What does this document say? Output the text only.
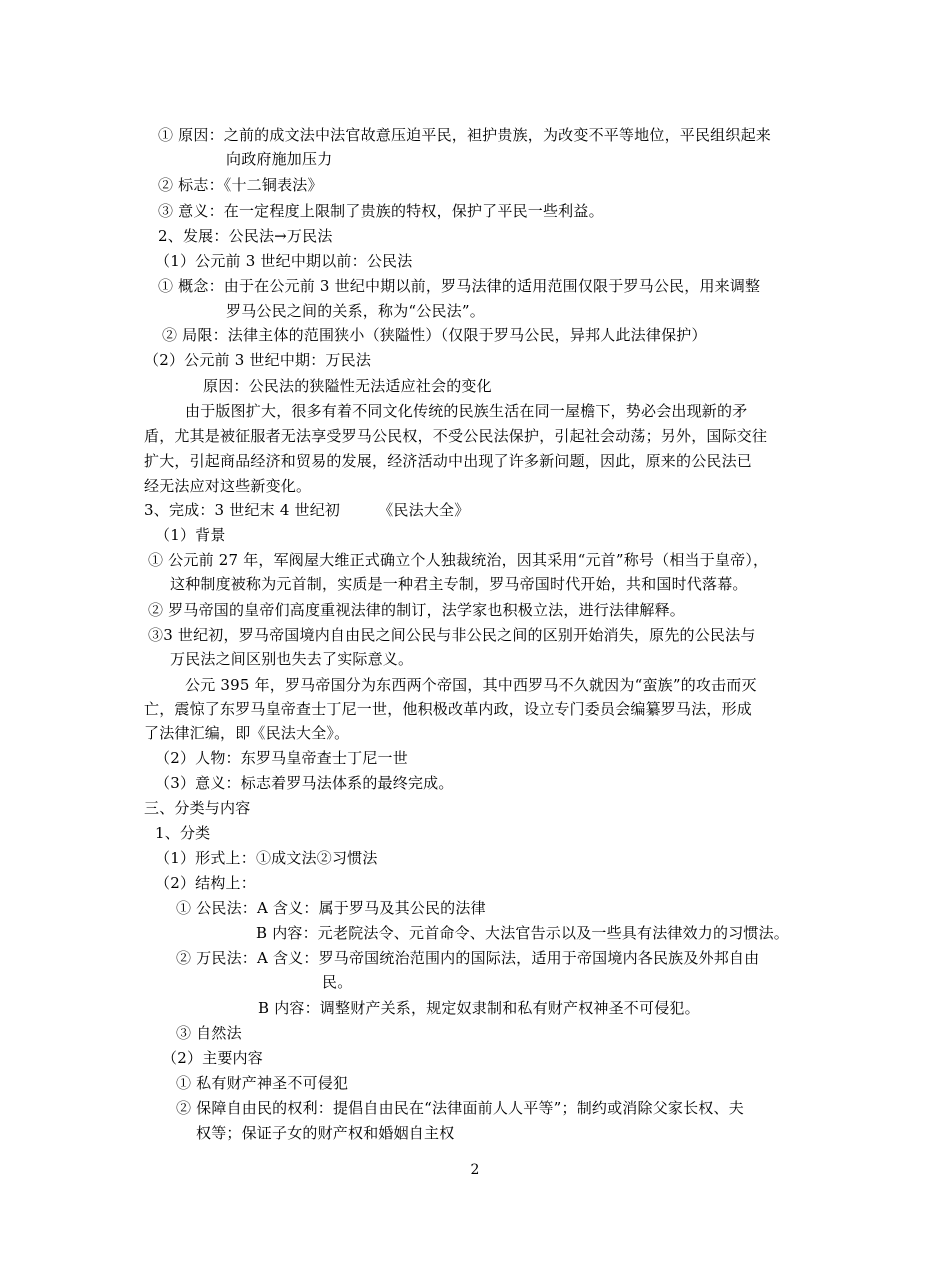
① 原因：之前的成文法中法官故意压迫平民，袒护贵族，为改变不平等地位，平民组织起来
向政府施加压力
② 标志：《十二铜表法》
③ 意义：在一定程度上限制了贵族的特权，保护了平民一些利益。
2、发展：公民法→万民法
（1）公元前 3 世纪中期以前：公民法
① 概念：由于在公元前 3 世纪中期以前，罗马法律的适用范围仅限于罗马公民，用来调整
罗马公民之间的关系，称为“公民法”。
② 局限：法律主体的范围狭小（狭隘性）（仅限于罗马公民，异邦人此法律保护）
（2）公元前 3 世纪中期：万民法
原因：公民法的狭隘性无法适应社会的变化
由于版图扩大，很多有着不同文化传统的民族生活在同一屋檐下，势必会出现新的矛
盾，尤其是被征服者无法享受罗马公民权，不受公民法保护，引起社会动荡；另外，国际交往
扩大，引起商品经济和贸易的发展，经济活动中出现了许多新问题，因此，原来的公民法已
经无法应对这些新变化。
3、完成：3 世纪末 4 世纪初　　　《民法大全》
（1）背景
① 公元前 27 年，军阀屋大维正式确立个人独裁统治，因其采用“元首”称号（相当于皇帝），
这种制度被称为元首制，实质是一种君主专制，罗马帝国时代开始，共和国时代落幕。
② 罗马帝国的皇帝们高度重视法律的制订，法学家也积极立法，进行法律解释。
③3 世纪初，罗马帝国境内自由民之间公民与非公民之间的区别开始消失，原先的公民法与
万民法之间区别也失去了实际意义。
公元 395 年，罗马帝国分为东西两个帝国，其中西罗马不久就因为“蛮族”的攻击而灭
亡，震惊了东罗马皇帝查士丁尼一世，他积极改革内政，设立专门委员会编纂罗马法，形成
了法律汇编，即《民法大全》。
（2）人物：东罗马皇帝查士丁尼一世
（3）意义：标志着罗马法体系的最终完成。
三、分类与内容
1、分类
（1）形式上：①成文法②习惯法
（2）结构上：
① 公民法：A 含义：属于罗马及其公民的法律
B 内容：元老院法令、元首命令、大法官告示以及一些具有法律效力的习惯法。
② 万民法：A 含义：罗马帝国统治范围内的国际法，适用于帝国境内各民族及外邦自由
民。
B 内容：调整财产关系，规定奴隶制和私有财产权神圣不可侵犯。
③ 自然法
（2）主要内容
① 私有财产神圣不可侵犯
② 保障自由民的权利：提倡自由民在“法律面前人人平等”；制约或消除父家长权、夫
权等；保证子女的财产权和婚姻自主权
2
